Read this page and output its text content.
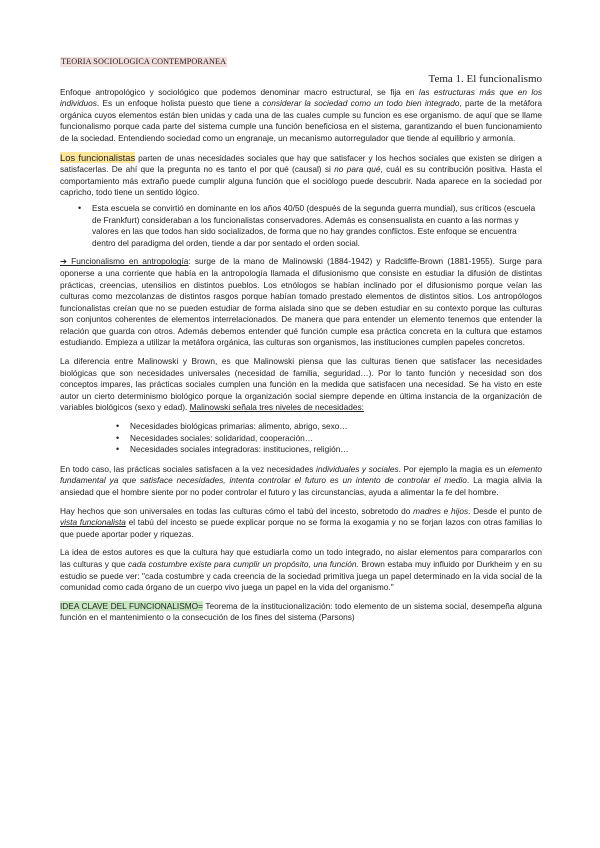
TEORIA SOCIOLOGICA CONTEMPORANEA
Tema 1. El funcionalismo

Enfoque antropológico y sociológico que podemos denominar macro estructural, se fija en las estructuras más que en los individuos. Es un enfoque holista puesto que tiene a considerar la sociedad como un todo bien integrado, parte de la metáfora orgánica cuyos elementos están bien unidas y cada una de las cuales cumple su funcion es ese organismo. de aquí que se llame funcionalismo porque cada parte del sistema cumple una función beneficiosa en el sistema, garantizando el buen funcionamiento de la sociedad. Entendiendo sociedad como un engranaje, un mecanismo autorregulador que tiende al equilibrio y armonía.

Los funcionalistas parten de unas necesidades sociales que hay que satisfacer y los hechos sociales que existen se dirigen a satisfacerlas. De ahí que la pregunta no es tanto el por qué (causal) si no para qué, cuál es su contribución positiva. Hasta el comportamiento más extraño puede cumplir alguna función que el sociólogo puede descubrir. Nada aparece en la sociedad por capricho, todo tiene un sentido lógico.

• Esta escuela se convirtió en dominante en los años 40/50 (después de la segunda guerra mundial), sus críticos (escuela de Frankfurt) consideraban a los funcionalistas conservadores. Además es consensualista en cuanto a las normas y valores en las que todos han sido socializados, de forma que no hay grandes conflictos. Este enfoque se encuentra dentro del paradigma del orden, tiende a dar por sentado el orden social.

➔ Funcionalismo en antropología: surge de la mano de Malinowski (1884-1942) y Radcliffe-Brown (1881-1955). Surge para oponerse a una corriente que había en la antropología llamada el difusionismo que consiste en estudiar la difusión de distintas prácticas, creencias, utensilios en distintos pueblos. Los etnólogos se habían inclinado por el difusionismo porque veían las culturas como mezcolanzas de distintos rasgos porque habían tomado prestado elementos de distintos sitios. Los antropólogos funcionalistas creían que no se pueden estudiar de forma aislada sino que se deben estudiar en su contexto porque las culturas son conjuntos coherentes de elementos interrelacionados. De manera que para entender un elemento tenemos que entender la relación que guarda con otros. Además debemos entender qué función cumple esa práctica concreta en la cultura que estamos estudiando. Empieza a utilizar la metáfora orgánica, las culturas son organismos, las instituciones cumplen papeles concretos.

La diferencia entre Malinowski y Brown, es que Malinowski piensa que las culturas tienen que satisfacer las necesidades biológicas que son necesidades universales (necesidad de familia, seguridad…). Por lo tanto función y necesidad son dos conceptos impares, las prácticas sociales cumplen una función en la medida que satisfacen una necesidad. Se ha visto en este autor un cierto determinismo biológico porque la organización social siempre depende en última instancia de la organización de variables biológicos (sexo y edad). Malinowski señala tres niveles de necesidades:

• Necesidades biológicas primarias: alimento, abrigo, sexo…
• Necesidades sociales: solidaridad, cooperación…
• Necesidades sociales integradoras: instituciones, religión…

En todo caso, las prácticas sociales satisfacen a la vez necesidades individuales y sociales. Por ejemplo la magia es un elemento fundamental ya que satisface necesidades, intenta controlar el futuro es un intento de controlar el medio. La magia alivia la ansiedad que el hombre siente por no poder controlar el futuro y las circunstancias, ayuda a alimentar la fe del hombre.

Hay hechos que son universales en todas las culturas cómo el tabú del incesto, sobretodo do madres e hijos. Desde el punto de vista funcionalista el tabú del incesto se puede explicar porque no se forma la exogamia y no se forjan lazos con otras familias lo que puede aportar poder y riquezas.

La idea de estos autores es que la cultura hay que estudiarla como un todo integrado, no aislar elementos para compararlos con las culturas y que cada costumbre existe para cumplir un propósito, una función. Brown estaba muy influido por Durkheim y en su estudio se puede ver: "cada costumbre y cada creencia de la sociedad primitiva juega un papel determinado en la vida social de la comunidad como cada órgano de un cuerpo vivo juega un papel en la vida del organismo."

IDEA CLAVE DEL FUNCIONALISMO= Teorema de la institucionalización: todo elemento de un sistema social, desempeña alguna función en el mantenimiento o la consecución de los fines del sistema (Parsons)
